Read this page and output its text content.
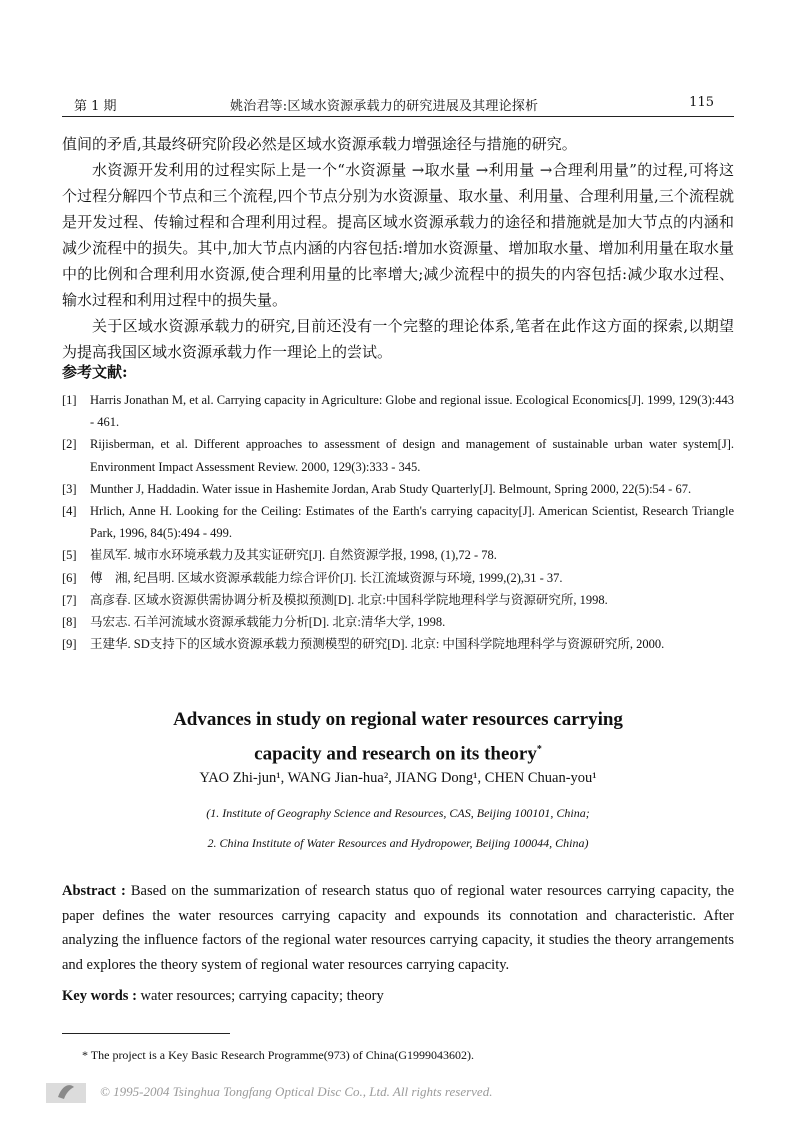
第 1 期	姚治君等:区域水资源承载力的研究进展及其理论探析	115

值间的矛盾,其最终研究阶段必然是区域水资源承载力增强途径与措施的研究。

水资源开发利用的过程实际上是一个“水资源量 →取水量 →利用量 →合理利用量”的过程,可将这个过程分解四个节点和三个流程,四个节点分别为水资源量、取水量、利用量、合理利用量,三个流程就是开发过程、传输过程和合理利用过程。提高区域水资源承载力的途径和措施就是加大节点的内涵和减少流程中的损失。其中,加大节点内涵的内容包括:增加水资源量、增加取水量、增加利用量在取水量中的比例和合理利用水资源,使合理利用量的比率增大;减少流程中的损失的内容包括:减少取水过程、输水过程和利用过程中的损失量。

关于区域水资源承载力的研究,目前还没有一个完整的理论体系,笔者在此作这方面的探索,以期望为提高我国区域水资源承载力作一理论上的尝试。

参考文献:
[1]	Harris Jonathan M, et al. Carrying capacity in Agriculture: Globe and regional issue. Ecological Economics[J]. 1999, 129(3):443 - 461.
[2]	Rijisberman, et al. Different approaches to assessment of design and management of sustainable urban water system[J]. Environment Impact Assessment Review. 2000, 129(3):333 - 345.
[3]	Munther J, Haddadin. Water issue in Hashemite Jordan, Arab Study Quarterly[J]. Belmount, Spring 2000, 22(5):54 - 67.
[4]	Hrlich, Anne H. Looking for the Ceiling: Estimates of the Earth's carrying capacity[J]. American Scientist, Research Triangle Park, 1996, 84(5):494 - 499.
[5]	崔凤军. 城市水环境承载力及其实证研究[J]. 自然资源学报, 1998, (1),72 - 78.
[6]	傅　湘, 纪昌明. 区域水资源承载能力综合评价[J]. 长江流域资源与环境, 1999,(2),31 - 37.
[7]	高彦春. 区域水资源供需协调分析及模拟预测[D]. 北京:中国科学院地理科学与资源研究所, 1998.
[8]	马宏志. 石羊河流域水资源承载能力分析[D]. 北京:清华大学, 1998.
[9]	王建华. SD支持下的区域水资源承载力预测模型的研究[D]. 北京: 中国科学院地理科学与资源研究所, 2000.
Advances in study on regional water resources carrying
capacity and research on its theory*
YAO Zhi-jun¹, WANG Jian-hua², JIANG Dong¹, CHEN Chuan-you¹
(1. Institute of Geography Science and Resources, CAS, Beijing 100101, China;
2. China Institute of Water Resources and Hydropower, Beijing 100044, China)
Abstract : Based on the summarization of research status quo of regional water resources carrying capacity, the paper defines the water resources carrying capacity and expounds its connotation and characteristic. After analyzing the influence factors of the regional water resources carrying capacity, it studies the theory arrangements and explores the theory system of regional water resources carrying capacity.
Key words : water resources; carrying capacity; theory
* The project is a Key Basic Research Programme(973) of China(G1999043602).
© 1995-2004 Tsinghua Tongfang Optical Disc Co., Ltd. All rights reserved.
